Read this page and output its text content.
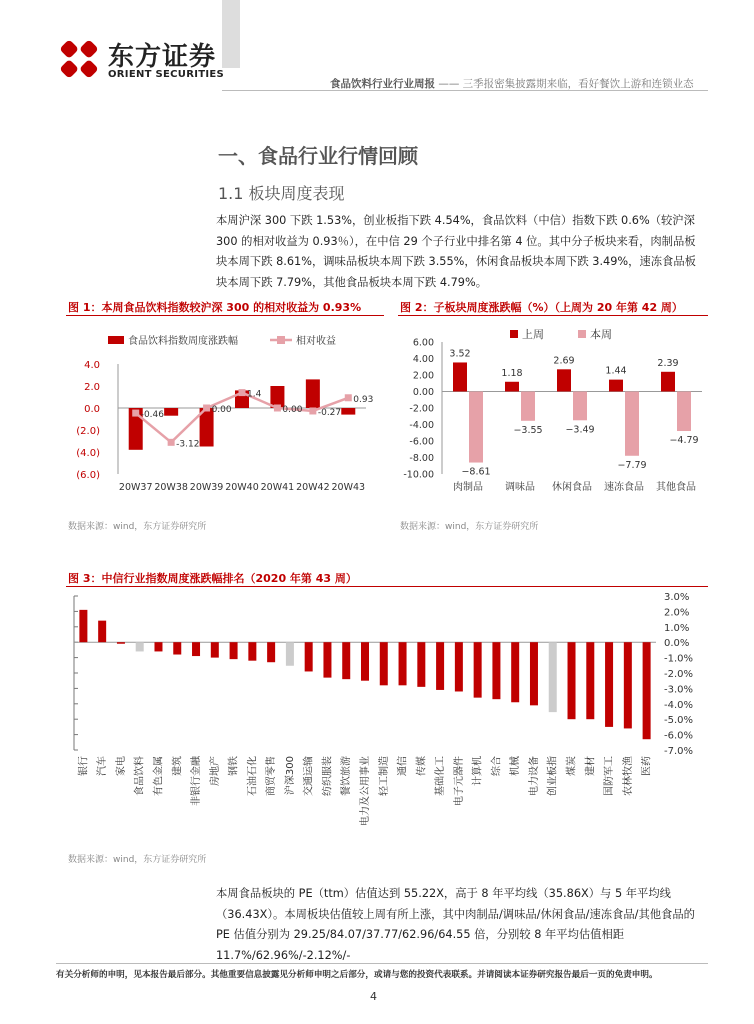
东方证券
ORIENT SECURITIES
食品饮料行业行业周报 —— 三季报密集披露期来临，看好餐饮上游和连锁业态
一、食品行业行情回顾
1.1 板块周度表现
本周沪深 300 下跌 1.53%，创业板指下跌 4.54%，食品饮料（中信）指数下跌 0.6%（较沪深 300 的相对收益为 0.93％），在中信 29 个子行业中排名第 4 位。其中分子板块来看，肉制品板块本周下跌 8.61%，调味品板块本周下跌 3.55%，休闲食品板块本周下跌 3.49%，速冻食品板块本周下跌 7.79%，其他食品板块本周下跌 4.79%。
图 1：本周食品饮料指数较沪深 300 的相对收益为 0.93%
食品饮料指数周度涨跌幅	相对收益
4.0
2.0
0.0
(2.0)
(4.0)
(6.0)
-0.46
-3.12
0.00
1.4
0.00 -0.27
0.93
20W37 20W38 20W39 20W40 20W41 20W42 20W43
数据来源：wind，东方证券研究所
图 2：子板块周度涨跌幅（%）（上周为 20 年第 42 周）
上周	本周
6.00
4.00
2.00
0.00
-2.00
-4.00
-6.00
-8.00
-10.00
3.52
−8.61
肉制品
1.18
−3.55
调味品
2.69
−3.49
休闲食品
1.44
−7.79
速冻食品
2.39
−4.79
其他食品
数据来源：wind，东方证券研究所
图 3：中信行业指数周度涨跌幅排名（2020 年第 43 周）
3.0%
2.0%
1.0%
0.0%
-1.0%
-2.0%
-3.0%
-4.0%
-5.0%
-6.0%
-7.0%
银行 汽车 家电 食品饮料 有色金属 建筑 非银行金融 房地产 钢铁 石油石化 商贸零售 沪深300 交通运输 纺织服装 餐饮旅游 电力及公用事业 轻工制造 通信 传媒 基础化工 电子元器件 计算机 综合 机械 电力设备 创业板指 煤炭 建材 国防军工 农林牧渔 医药
数据来源：wind，东方证券研究所
本周食品板块的 PE（ttm）估值达到 55.22X，高于 8 年平均线（35.86X）与 5 年平均线（36.43X）。本周板块估值较上周有所上涨，其中肉制品/调味品/休闲食品/速冻食品/其他食品的 PE 估值分别为 29.25/84.07/37.77/62.96/64.55 倍，分别较 8 年平均估值相距 11.7%/62.96%/-2.12%/-
有关分析师的申明，见本报告最后部分。其他重要信息披露见分析师申明之后部分，或请与您的投资代表联系。并请阅读本证券研究报告最后一页的免责申明。
4
